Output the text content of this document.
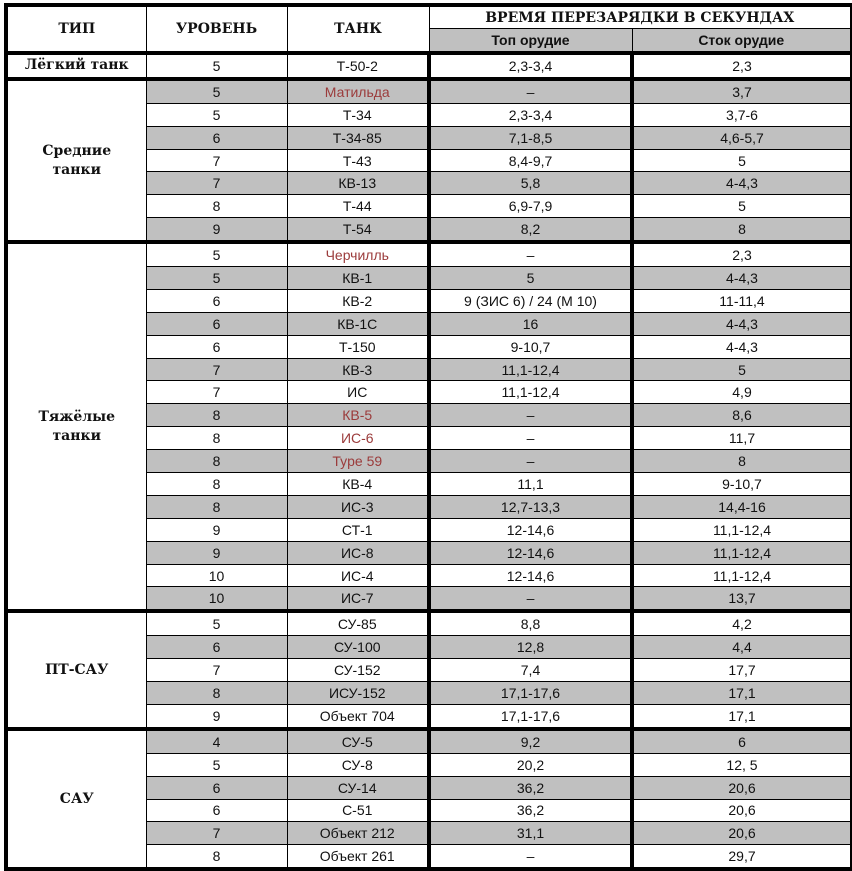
ТИП	УРОВЕНЬ	ТАНК	ВРЕМЯ ПЕРЕЗАРЯДКИ В СЕКУНДАХ	
			Топ орудие	Сток орудие
Лёгкий танк	5	Т-50-2	2,3-3,4	2,3
Средние танки	5	Матильда	–	3,7
	5	Т-34	2,3-3,4	3,7-6
	6	Т-34-85	7,1-8,5	4,6-5,7
	7	Т-43	8,4-9,7	5
	7	КВ-13	5,8	4-4,3
	8	Т-44	6,9-7,9	5
	9	Т-54	8,2	8
Тяжёлые танки	5	Черчилль	–	2,3
	5	КВ-1	5	4-4,3
	6	КВ-2	9 (ЗИС 6) / 24 (М 10)	11-11,4
	6	КВ-1С	16	4-4,3
	6	Т-150	9-10,7	4-4,3
	7	КВ-3	11,1-12,4	5
	7	ИС	11,1-12,4	4,9
	8	КВ-5	–	8,6
	8	ИС-6	–	11,7
	8	Type 59	–	8
	8	КВ-4	11,1	9-10,7
	8	ИС-3	12,7-13,3	14,4-16
	9	СТ-1	12-14,6	11,1-12,4
	9	ИС-8	12-14,6	11,1-12,4
	10	ИС-4	12-14,6	11,1-12,4
	10	ИС-7	–	13,7
ПТ-САУ	5	СУ-85	8,8	4,2
	6	СУ-100	12,8	4,4
	7	СУ-152	7,4	17,7
	8	ИСУ-152	17,1-17,6	17,1
	9	Объект 704	17,1-17,6	17,1
САУ	4	СУ-5	9,2	6
	5	СУ-8	20,2	12, 5
	6	СУ-14	36,2	20,6
	6	С-51	36,2	20,6
	7	Объект 212	31,1	20,6
	8	Объект 261	–	29,7
